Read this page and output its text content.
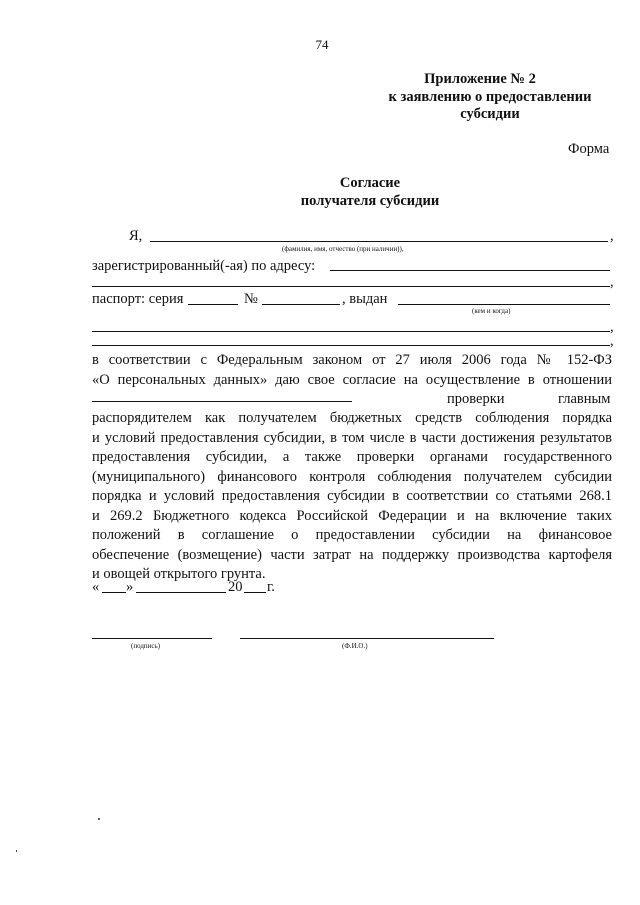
74
Приложение № 2
к заявлению о предоставлении
субсидии
Форма
Согласие
получателя субсидии
Я,	,
(фамилия, имя, отчество (при наличии)),
зарегистрированный(-ая) по адресу:
,
паспорт: серия	№	, выдан
(кем и когда)
,
,
в соответствии с Федеральным законом от 27 июля 2006 года № 152-ФЗ
«О персональных данных» даю свое согласие на осуществление в отношении
проверки	главным
распорядителем как получателем бюджетных средств соблюдения порядка
и условий предоставления субсидии, в том числе в части достижения результатов
предоставления субсидии, а также проверки органами государственного
(муниципального) финансового контроля соблюдения получателем субсидии
порядка и условий предоставления субсидии в соответствии со статьями 268.1
и 269.2 Бюджетного кодекса Российской Федерации и на включение таких
положений в соглашение о предоставлении субсидии на финансовое
обеспечение (возмещение) части затрат на поддержку производства картофеля
и овощей открытого грунта.
« »	20 г.
(подпись)	(Ф.И.О.)
